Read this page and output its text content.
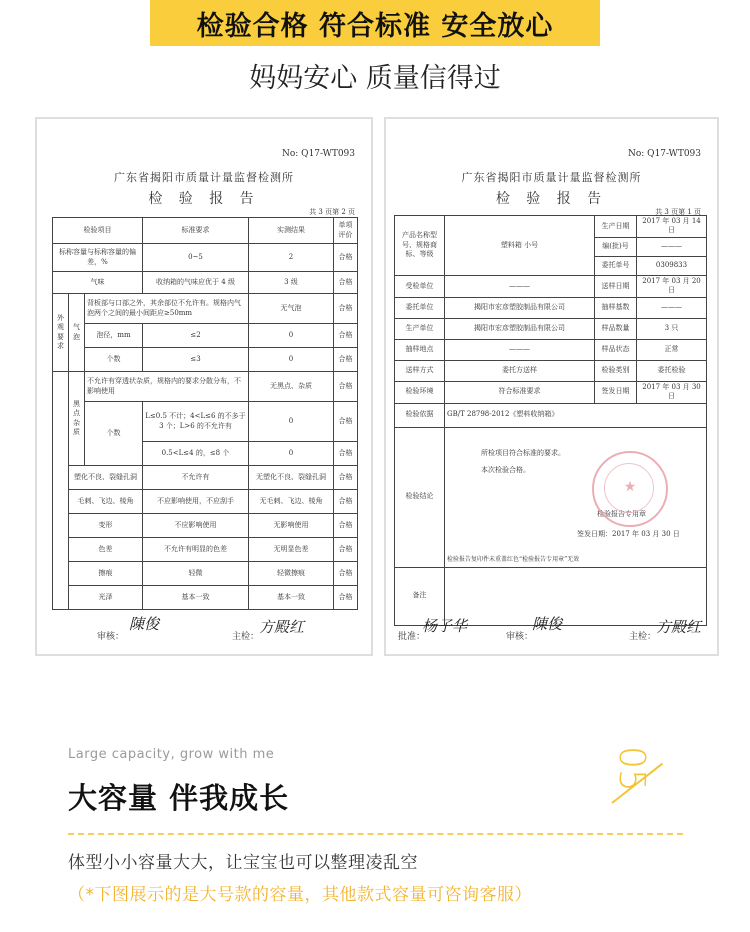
检验合格 符合标准 安全放心
妈妈安心 质量信得过
No: Q17-WT093
广东省揭阳市质量计量监督检测所
检 验 报 告
共 3 页第 2 页
检验项目			标准要求	实测结果	单项评价
标称容量与标称容量的偏差，%			0~5	2	合格
气味			收纳箱的气味应优于 4 级	3 级	合格
外观要求	气泡	背板部与口部之外，其余部位不允许有。规格内气泡两个之间的最小间距应≥50mm		无气泡	合格
		泡径，mm	≤2	0	合格
		个数	≤3	0	合格
	黑点杂质	不允许有穿透状杂质，规格内的要求分散分布，不影响使用		无黑点、杂质	合格
		个数	L≤0.5 不计；4<L≤6 的不多于 3 个；L>6 的不允许有	0	合格
			0.5<L≤4 的，≤8 个	0	合格
	塑化不良、裂缝孔洞		不允许有	无塑化不良、裂缝孔洞	合格
	毛刺、飞边、棱角		不应影响使用，不应刮手	无毛刺、飞边、棱角	合格
	变形		不应影响使用	无影响使用	合格
	色差		不允许有明显的色差	无明显色差	合格
	擦痕		轻微	轻微擦痕	合格
	光泽		基本一致	基本一致	合格
审核：
陳俊
主检：
方殿红
No: Q17-WT093
广东省揭阳市质量计量监督检测所
检 验 报 告
共 3 页第 1 页
产品名称型号、规格商标、等级	塑料箱 小号	生产日期	2017 年 03 月 14 日
		编(批)号	———
		委托单号	0309833
受检单位	———	送样日期	2017 年 03 月 20 日
委托单位	揭阳市宏彦塑胶制品有限公司	抽样基数	———
生产单位	揭阳市宏彦塑胶制品有限公司	样品数量	3 只
抽样地点	———	样品状态	正常
送样方式	委托方送样	检验类别	委托检验
检验环境	符合标准要求	签发日期	2017 年 03 月 30 日
检验依据	GB/T 28798-2012《塑料收纳箱》		
检验结论	所检项目符合标准的要求。
本次检验合格。
检验报告专用章
签发日期：2017 年 03 月 30 日
检验报告复印件未重盖红色“检验报告专用章”无效		

备注			
★
批准：
杨子华
审核：
陳俊
主检：
方殿红
Large capacity, grow with me
大容量 伴我成长
05
体型小小容量大大，让宝宝也可以整理凌乱空
（*下图展示的是大号款的容量，其他款式容量可咨询客服）
